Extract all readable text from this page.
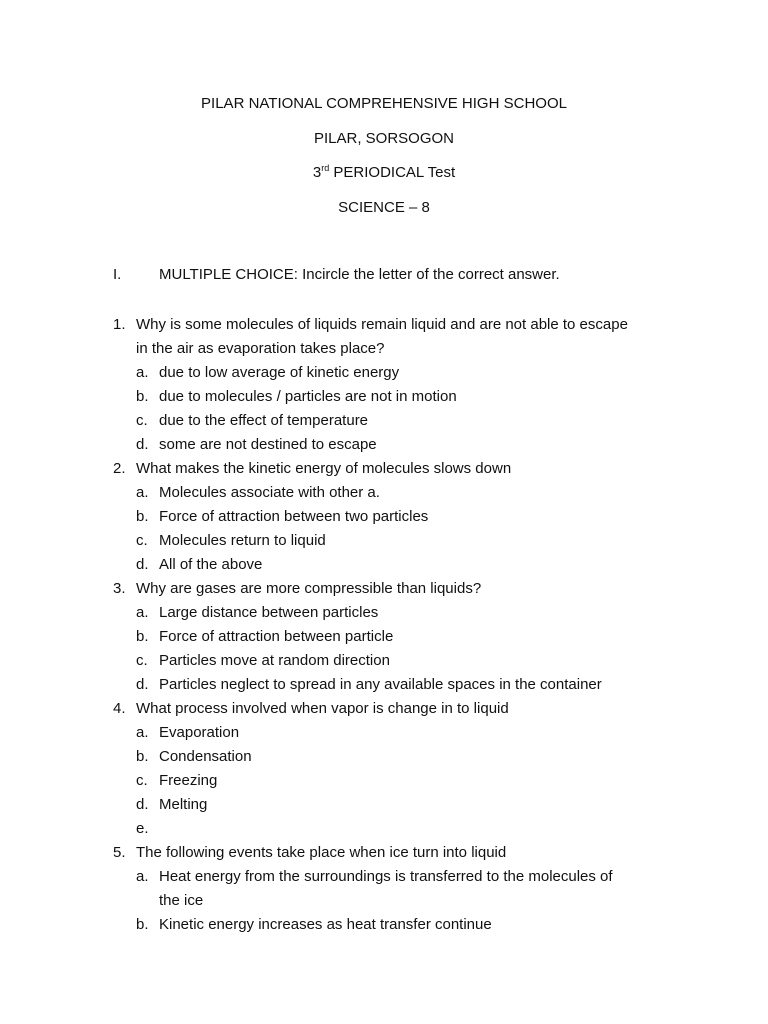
PILAR NATIONAL COMPREHENSIVE HIGH SCHOOL
PILAR, SORSOGON
3rd PERIODICAL Test
SCIENCE – 8
I.	MULTIPLE CHOICE: Incircle the letter of the correct answer.
1. Why is some molecules of liquids remain liquid and are not able to escape
in the air as evaporation takes place?
a. due to low average of kinetic energy
b. due to molecules / particles are not in motion
c. due to the effect of temperature
d. some are not destined to escape
2. What makes the kinetic energy of molecules slows down
a. Molecules associate with other a.
b. Force of attraction between two particles
c. Molecules return to liquid
d. All of the above
3. Why are gases are more compressible than liquids?
a. Large distance between particles
b. Force of attraction between particle
c. Particles move at random direction
d. Particles neglect to spread in any available spaces in the container
4. What process involved when vapor is change in to liquid
a. Evaporation
b. Condensation
c. Freezing
d. Melting
e.
5. The following events take place when ice turn into liquid
a. Heat energy from the surroundings is transferred to the molecules of
the ice
b. Kinetic energy increases as heat transfer continue
